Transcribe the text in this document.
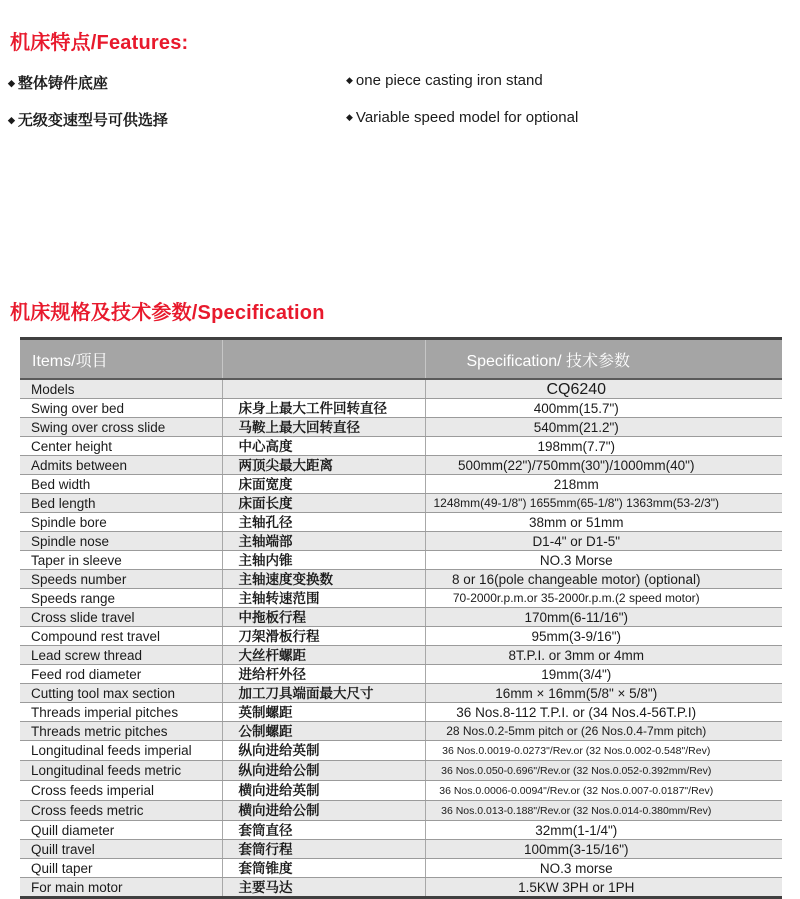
机床特点/Features:
◆ 整体铸件底座	◆ one piece casting iron stand
◆ 无级变速型号可供选择	◆ Variable speed model for optional
机床规格及技术参数/Specification
Items/项目		Specification/ 技术参数
Models		CQ6240
Swing over bed	床身上最大工件回转直径	400mm(15.7")
Swing over cross slide	马鞍上最大回转直径	540mm(21.2")
Center height	中心高度	198mm(7.7")
Admits between	两顶尖最大距离	500mm(22")/750mm(30")/1000mm(40")
Bed width	床面宽度	218mm
Bed length	床面长度	1248mm(49-1/8") 1655mm(65-1/8") 1363mm(53-2/3")
Spindle bore	主轴孔径	38mm or 51mm
Spindle nose	主轴端部	D1-4" or D1-5"
Taper in sleeve	主轴内锥	NO.3 Morse
Speeds number	主轴速度变换数	8 or 16(pole changeable motor) (optional)
Speeds range	主轴转速范围	70-2000r.p.m.or 35-2000r.p.m.(2 speed motor)
Cross slide travel	中拖板行程	170mm(6-11/16")
Compound rest travel	刀架滑板行程	95mm(3-9/16")
Lead screw thread	大丝杆螺距	8T.P.I. or 3mm or 4mm
Feed rod diameter	进给杆外径	19mm(3/4")
Cutting tool max section	加工刀具端面最大尺寸	16mm × 16mm(5/8" × 5/8")
Threads imperial pitches	英制螺距	36 Nos.8-112 T.P.I. or (34 Nos.4-56T.P.I)
Threads metric pitches	公制螺距	28 Nos.0.2-5mm pitch or (26 Nos.0.4-7mm pitch)
Longitudinal feeds imperial	纵向进给英制	36 Nos.0.0019-0.0273"/Rev.or (32 Nos.0.002-0.548"/Rev)
Longitudinal feeds metric	纵向进给公制	36 Nos.0.050-0.696"/Rev.or (32 Nos.0.052-0.392mm/Rev)
Cross feeds imperial	横向进给英制	36 Nos.0.0006-0.0094"/Rev.or (32 Nos.0.007-0.0187"/Rev)
Cross feeds metric	横向进给公制	36 Nos.0.013-0.188"/Rev.or (32 Nos.0.014-0.380mm/Rev)
Quill diameter	套筒直径	32mm(1-1/4")
Quill travel	套筒行程	100mm(3-15/16")
Quill taper	套筒锥度	NO.3 morse
For main motor	主要马达	1.5KW 3PH or 1PH
